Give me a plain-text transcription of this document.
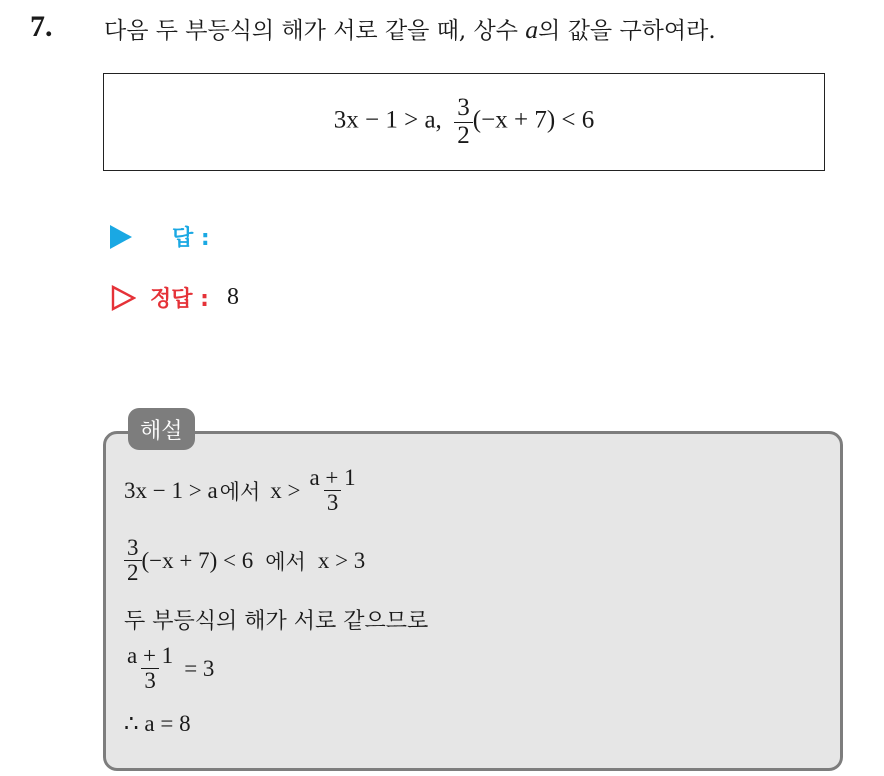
7. 다음 두 부등식의 해가 서로 같을 때, 상수 a의 값을 구하여라.
3x − 1 > a, $\frac{3}{2} (-x + 7) < 6$
답 :
정답 : 8
해설
3x − 1 > a 에서 $x > \frac{a + 1}{3}$
$\frac{3}{2} (-x + 7) < 6$ 에서 x > 3
두 부등식의 해가 서로 같으므로
$\frac{a + 1}{3} = 3$
∴ a = 8
